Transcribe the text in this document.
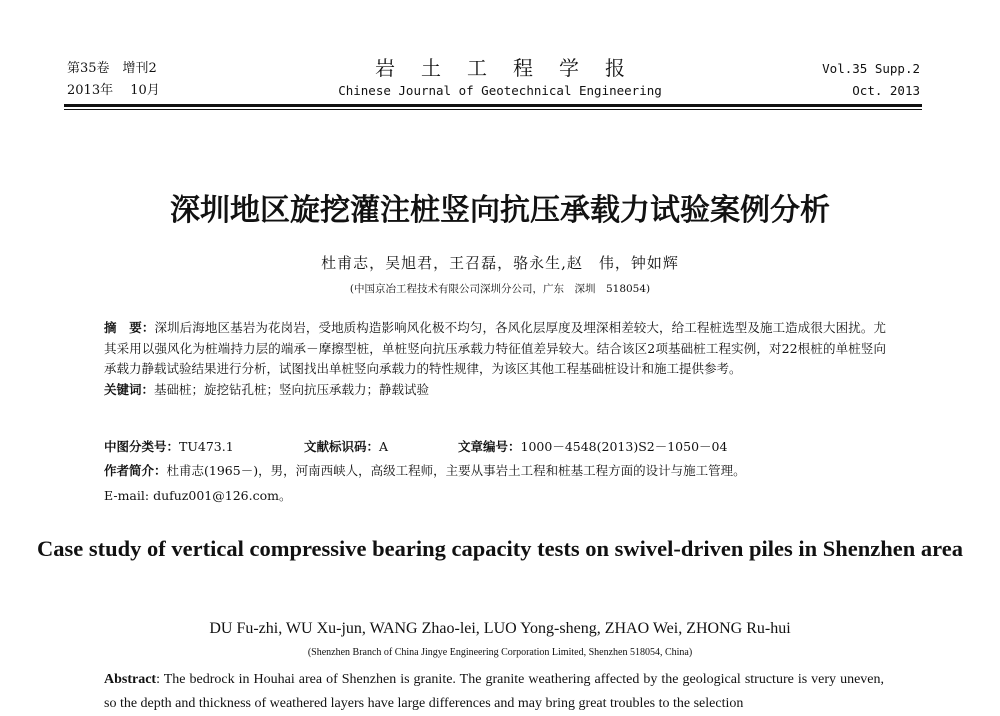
第35卷　增刊2
2013年　 10月
岩土工程学报
Chinese Journal of Geotechnical Engineering
Vol.35 Supp.2
Oct. 2013
深圳地区旋挖灌注桩竖向抗压承载力试验案例分析
杜甫志，吴旭君，王召磊，骆永生,赵　伟，钟如辉
(中国京冶工程技术有限公司深圳分公司，广东　深圳　518054)
摘　要：深圳后海地区基岩为花岗岩，受地质构造影响风化极不均匀，各风化层厚度及埋深相差较大，给工程桩选型及施工造成很大困扰。尤其采用以强风化为桩端持力层的端承－摩擦型桩，单桩竖向抗压承载力特征值差异较大。结合该区2项基础桩工程实例，对22根桩的单桩竖向承载力静载试验结果进行分析，试图找出单桩竖向承载力的特性规律，为该区其他工程基础桩设计和施工提供参考。
关键词：基础桩；旋挖钻孔桩；竖向抗压承载力；静载试验
中图分类号：TU473.1	文献标识码：A	文章编号：1000－4548(2013)S2－1050－04
作者简介：杜甫志(1965－)，男，河南西峡人，高级工程师，主要从事岩土工程和桩基工程方面的设计与施工管理。
E-mail: dufuz001@126.com。
Case study of vertical compressive bearing capacity tests on swivel-driven piles in Shenzhen area
DU Fu-zhi, WU Xu-jun, WANG Zhao-lei, LUO Yong-sheng, ZHAO Wei, ZHONG Ru-hui
(Shenzhen Branch of China Jingye Engineering Corporation Limited, Shenzhen 518054, China)
Abstract: The bedrock in Houhai area of Shenzhen is granite. The granite weathering affected by the geological structure is very uneven, so the depth and thickness of weathered layers have large differences and may bring great troubles to the selection
